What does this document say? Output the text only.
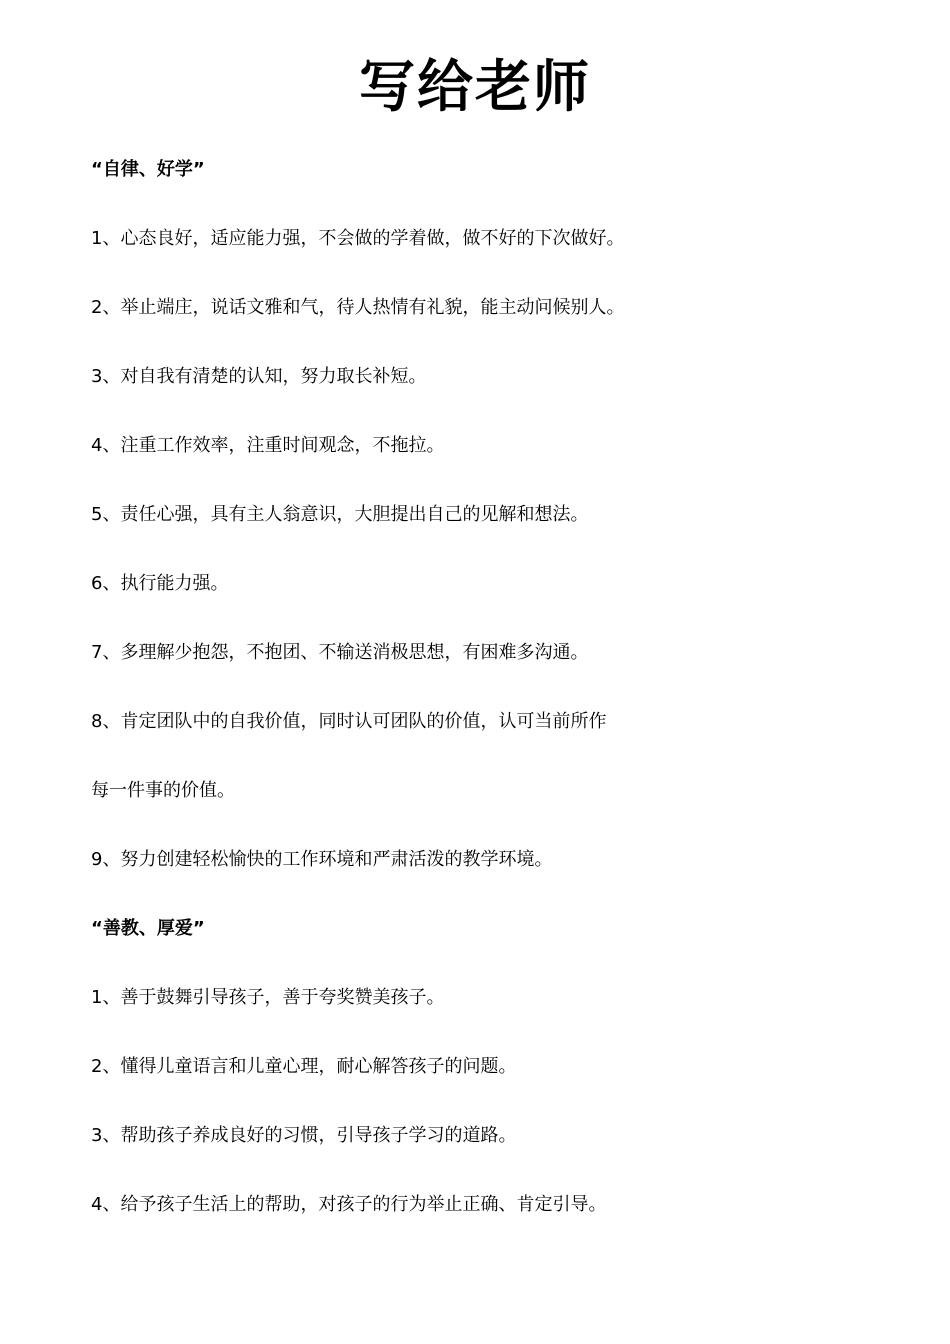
写给老师
“自律、好学”
1、心态良好，适应能力强，不会做的学着做，做不好的下次做好。
2、举止端庄，说话文雅和气，待人热情有礼貌，能主动问候别人。
3、对自我有清楚的认知，努力取长补短。
4、注重工作效率，注重时间观念，不拖拉。
5、责任心强，具有主人翁意识，大胆提出自己的见解和想法。
6、执行能力强。
7、多理解少抱怨，不抱团、不输送消极思想，有困难多沟通。
8、肯定团队中的自我价值，同时认可团队的价值，认可当前所作
每一件事的价值。
9、努力创建轻松愉快的工作环境和严肃活泼的教学环境。
“善教、厚爱”
1、善于鼓舞引导孩子，善于夸奖赞美孩子。
2、懂得儿童语言和儿童心理，耐心解答孩子的问题。
3、帮助孩子养成良好的习惯，引导孩子学习的道路。
4、给予孩子生活上的帮助，对孩子的行为举止正确、肯定引导。
